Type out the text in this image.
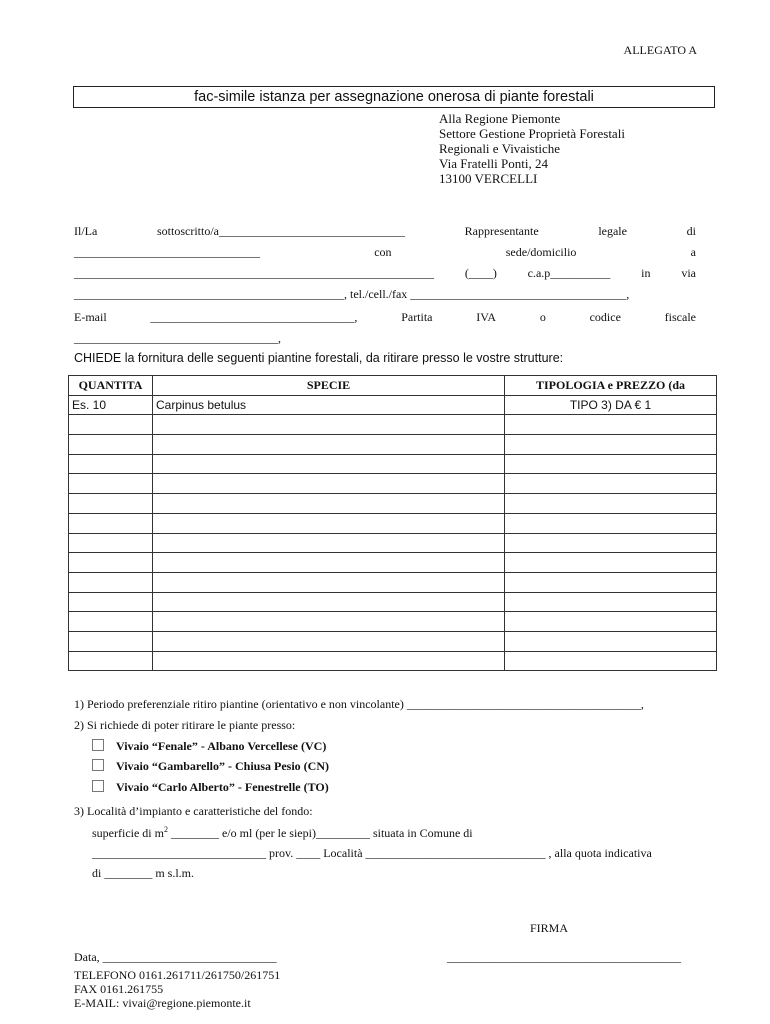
ALLEGATO A
fac-simile istanza per assegnazione onerosa di piante forestali
Alla Regione Piemonte
Settore Gestione Proprietà Forestali
Regionali e Vivaistiche
Via Fratelli Ponti, 24
13100 VERCELLI
Il/La	sottoscritto/a_______________________________	Rappresentante	legale	di
_______________________________	con	sede/domicilio	a
____________________________________________________________	(____)	c.a.p__________	in	via
_____________________________________________, tel./cell./fax ____________________________________,
E-mail	__________________________________,	Partita	IVA	o	codice	fiscale
__________________________________,
CHIEDE la fornitura delle seguenti piantine forestali, da ritirare presso le vostre strutture:
QUANTITA	SPECIE	TIPOLOGIA e PREZZO (da
Es. 10	Carpinus betulus	TIPO 3) DA € 1

1) Periodo preferenziale ritiro piantine (orientativo e non vincolante) _______________________________________,
2) Si richiede di poter ritirare le piante presso:
Vivaio “Fenale” - Albano Vercellese (VC)
Vivaio “Gambarello” - Chiusa Pesio (CN)
Vivaio “Carlo Alberto” - Fenestrelle (TO)
3) Località d’impianto e caratteristiche del fondo:
superficie di $m^2$ ________ e/o ml (per le siepi)_________ situata in Comune di
_____________________________ prov. ____ Località ______________________________ , alla quota indicativa
di ________ m s.l.m.
FIRMA
_______________________________________
Data, _____________________________
TELEFONO 0161.261711/261750/261751
FAX 0161.261755
E-MAIL: vivai@regione.piemonte.it
